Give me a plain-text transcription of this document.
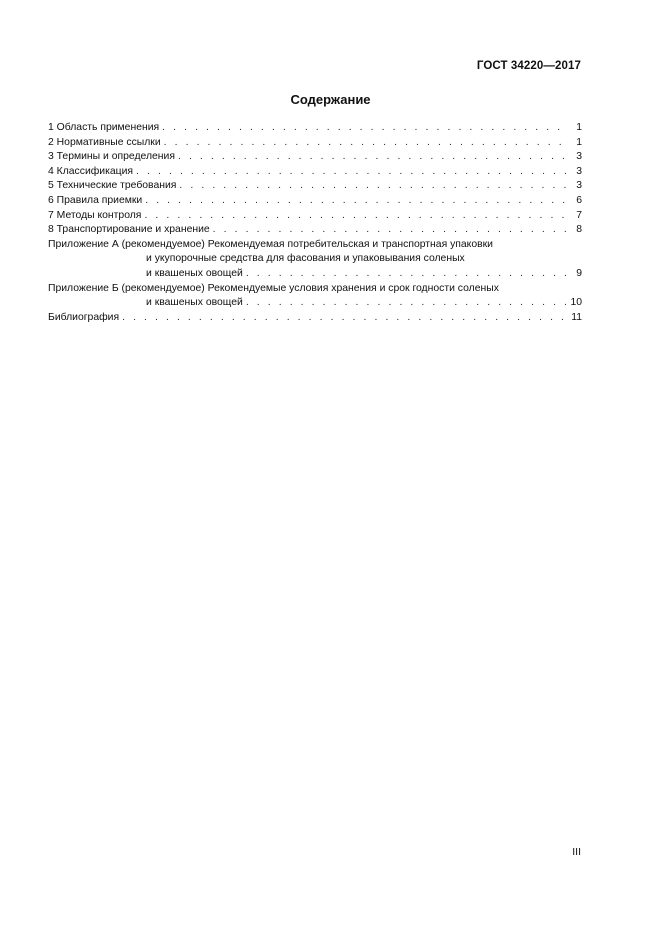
ГОСТ 34220—2017
Содержание
1 Область применения . . .	1
2 Нормативные ссылки . . .	1
3 Термины и определения . . .	3
4 Классификация . . .	3
5 Технические требования . . .	3
6 Правила приемки . . .	6
7 Методы контроля . . .	7
8 Транспортирование и хранение . . .	8
Приложение А (рекомендуемое) Рекомендуемая потребительская и транспортная упаковки
и укупорочные средства для фасования и упаковывания соленых
и квашеных овощей . . .	9
Приложение Б (рекомендуемое) Рекомендуемые условия хранения и срок годности соленых
и квашеных овощей . . .	10
Библиография . . .	11
III
